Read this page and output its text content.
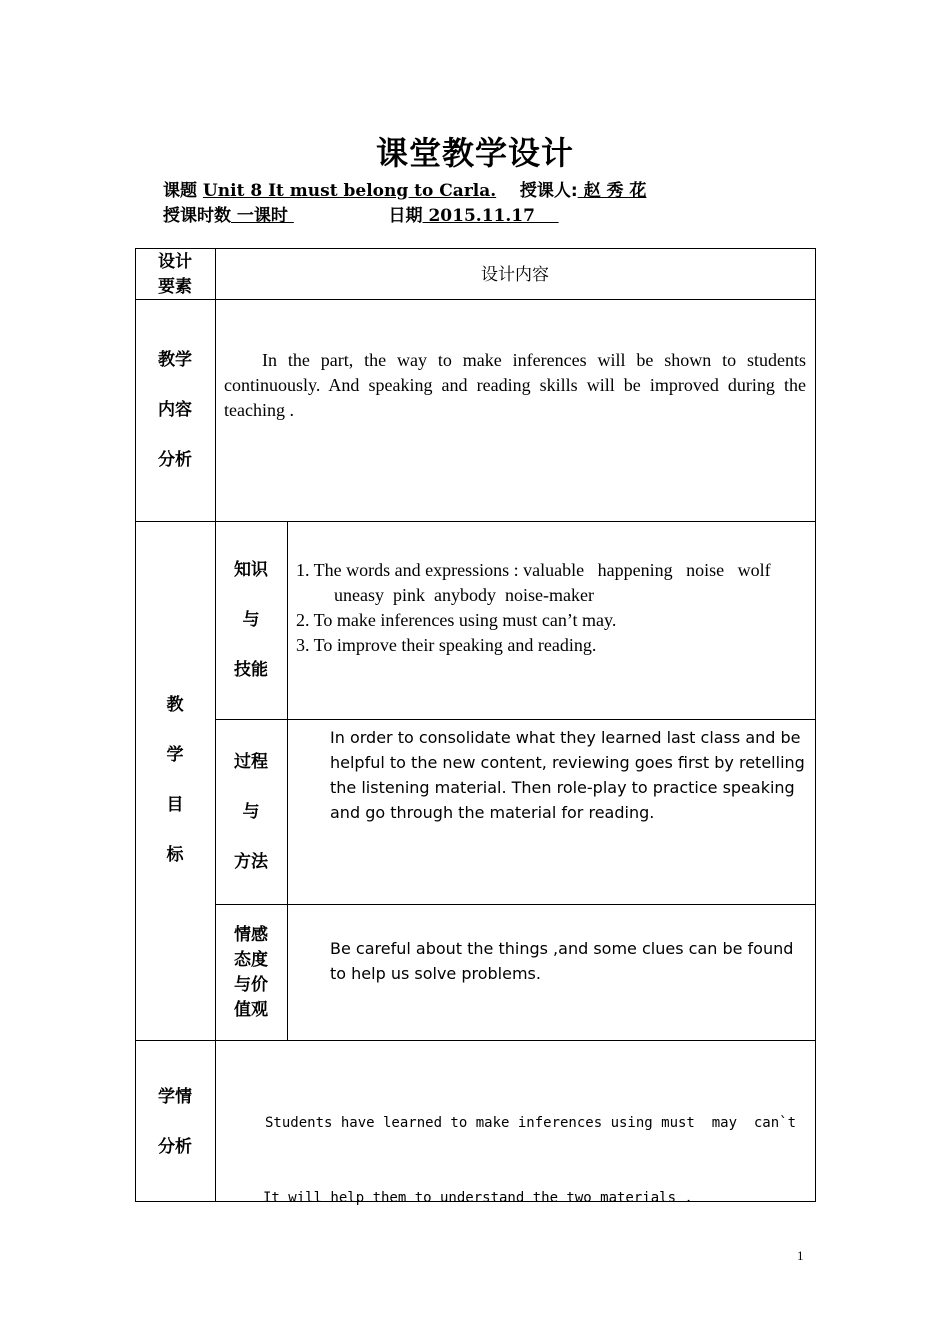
课堂教学设计
课题 Unit 8 It must belong to Carla. 授课人: 赵 秀 花
授课时数 一课时	日期 2015.11.17
设计
要素
设计内容
教学
内容
分析
In the part, the way to make inferences will be shown to students continuously. And speaking and reading skills will be improved during the teaching .
教
学
目
标
知识
与
技能
1. The words and expressions : valuable   happening   noise   wolf
uneasy  pink  anybody  noise-maker
2. To make inferences using must can’t may.
3. To improve their speaking and reading.
过程
与
方法
In order to consolidate what they learned last class and be helpful to the new content, reviewing goes first by retelling the listening material. Then role-play to practice speaking and go through the material for reading.
情感
态度
与价
值观
Be careful about the things ,and some clues can be found to help us solve problems.
学情
分析

Students have learned to make inferences using must  may  can`t

It will help them to understand the two materials .

1
